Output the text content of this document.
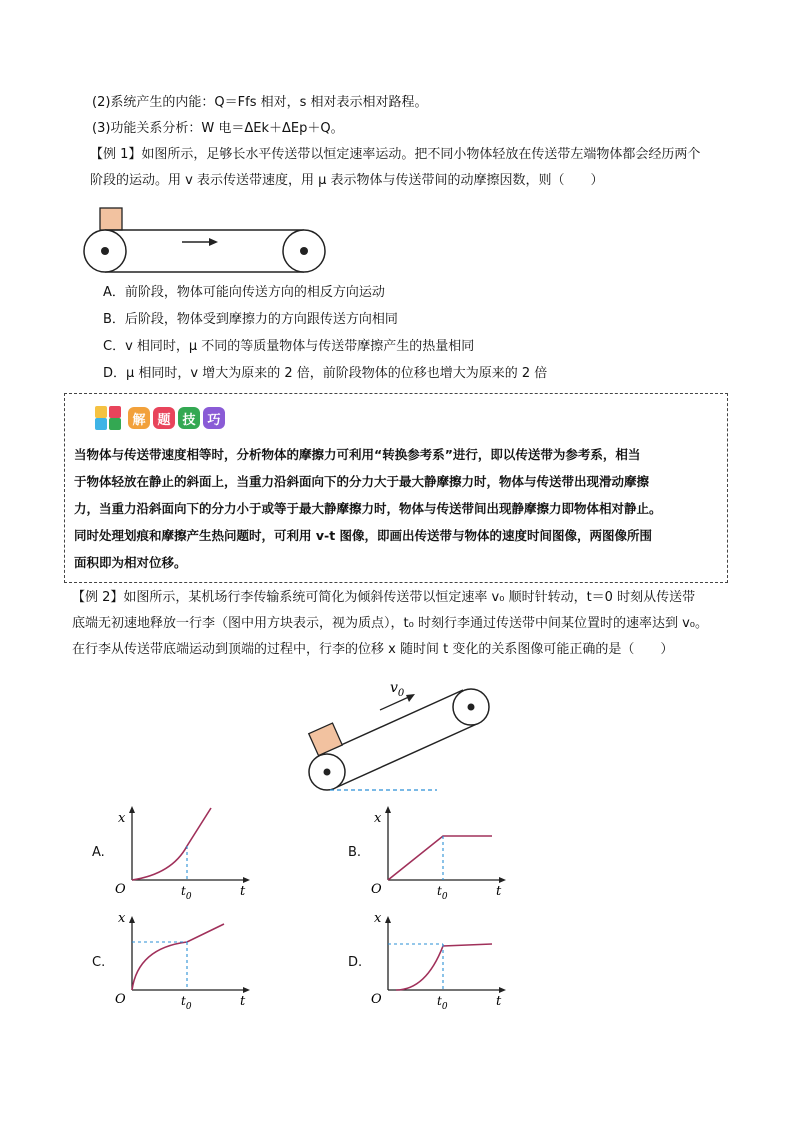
(2)系统产生的内能：Q＝Ffs 相对，s 相对表示相对路程。
(3)功能关系分析：W 电＝ΔEk＋ΔEp＋Q。
【例 1】如图所示，足够长水平传送带以恒定速率运动。把不同小物体轻放在传送带左端物体都会经历两个
阶段的运动。用 v 表示传送带速度，用 μ 表示物体与传送带间的动摩擦因数，则（　　）
A．前阶段，物体可能向传送方向的相反方向运动
B．后阶段，物体受到摩擦力的方向跟传送方向相同
C．v 相同时，μ 不同的等质量物体与传送带摩擦产生的热量相同
D．μ 相同时，v 增大为原来的 2 倍，前阶段物体的位移也增大为原来的 2 倍
解 题 技 巧
当物体与传送带速度相等时，分析物体的摩擦力可利用“转换参考系”进行，即以传送带为参考系，相当
于物体轻放在静止的斜面上，当重力沿斜面向下的分力大于最大静摩擦力时，物体与传送带出现滑动摩擦
力，当重力沿斜面向下的分力小于或等于最大静摩擦力时，物体与传送带间出现静摩擦力即物体相对静止。
同时处理划痕和摩擦产生热问题时，可利用 v-t 图像，即画出传送带与物体的速度时间图像，两图像所围
面积即为相对位移。
【例 2】如图所示，某机场行李传输系统可简化为倾斜传送带以恒定速率 v₀ 顺时针转动，t＝0 时刻从传送带
底端无初速地释放一行李（图中用方块表示，视为质点），t₀ 时刻行李通过传送带中间某位置时的速率达到 v₀。
在行李从传送带底端运动到顶端的过程中，行李的位移 x 随时间 t 变化的关系图像可能正确的是（　　）
$v_0$
A.	B.
C.	D.
x
O	t
$t_0$
x
O	t
$t_0$
x
O	t
$t_0$
x
O	t
$t_0$
